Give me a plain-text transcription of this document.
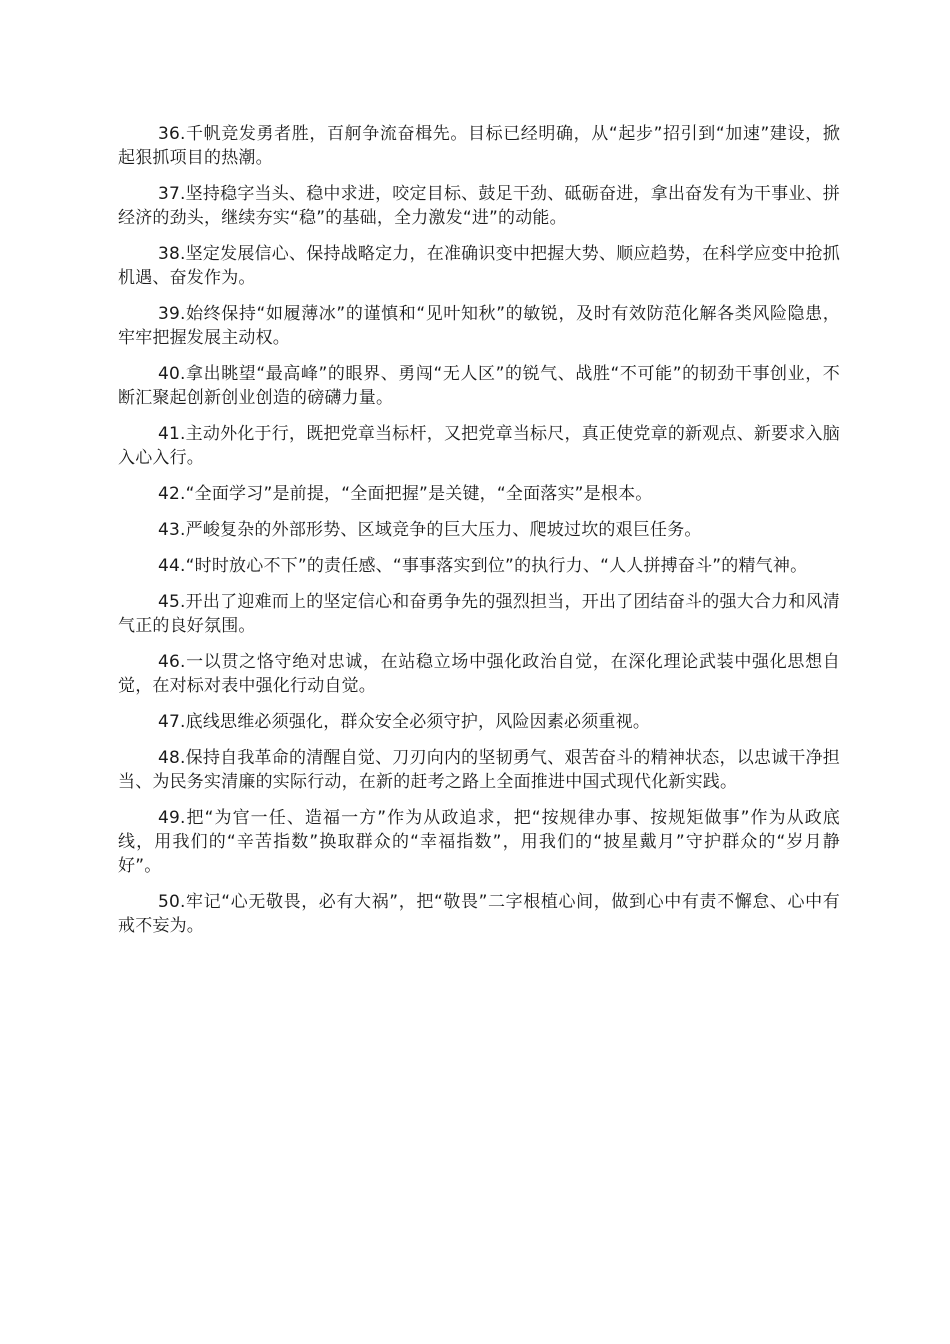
36.千帆竞发勇者胜，百舸争流奋楫先。目标已经明确，从“起步”招引到“加速”建设，掀起狠抓项目的热潮。

37.坚持稳字当头、稳中求进，咬定目标、鼓足干劲、砥砺奋进，拿出奋发有为干事业、拼经济的劲头，继续夯实“稳”的基础，全力激发“进”的动能。

38.坚定发展信心、保持战略定力，在准确识变中把握大势、顺应趋势，在科学应变中抢抓机遇、奋发作为。

39.始终保持“如履薄冰”的谨慎和“见叶知秋”的敏锐，及时有效防范化解各类风险隐患，牢牢把握发展主动权。

40.拿出眺望“最高峰”的眼界、勇闯“无人区”的锐气、战胜“不可能”的韧劲干事创业，不断汇聚起创新创业创造的磅礴力量。

41.主动外化于行，既把党章当标杆，又把党章当标尺，真正使党章的新观点、新要求入脑入心入行。

42.“全面学习”是前提，“全面把握”是关键，“全面落实”是根本。

43.严峻复杂的外部形势、区域竞争的巨大压力、爬坡过坎的艰巨任务。

44.“时时放心不下”的责任感、“事事落实到位”的执行力、“人人拼搏奋斗”的精气神。

45.开出了迎难而上的坚定信心和奋勇争先的强烈担当，开出了团结奋斗的强大合力和风清气正的良好氛围。

46.一以贯之恪守绝对忠诚，在站稳立场中强化政治自觉，在深化理论武装中强化思想自觉，在对标对表中强化行动自觉。

47.底线思维必须强化，群众安全必须守护，风险因素必须重视。

48.保持自我革命的清醒自觉、刀刃向内的坚韧勇气、艰苦奋斗的精神状态，以忠诚干净担当、为民务实清廉的实际行动，在新的赶考之路上全面推进中国式现代化新实践。

49.把“为官一任、造福一方”作为从政追求，把“按规律办事、按规矩做事”作为从政底线，用我们的“辛苦指数”换取群众的“幸福指数”，用我们的“披星戴月”守护群众的“岁月静好”。

50.牢记“心无敬畏，必有大祸”，把“敬畏”二字根植心间，做到心中有责不懈怠、心中有戒不妄为。
